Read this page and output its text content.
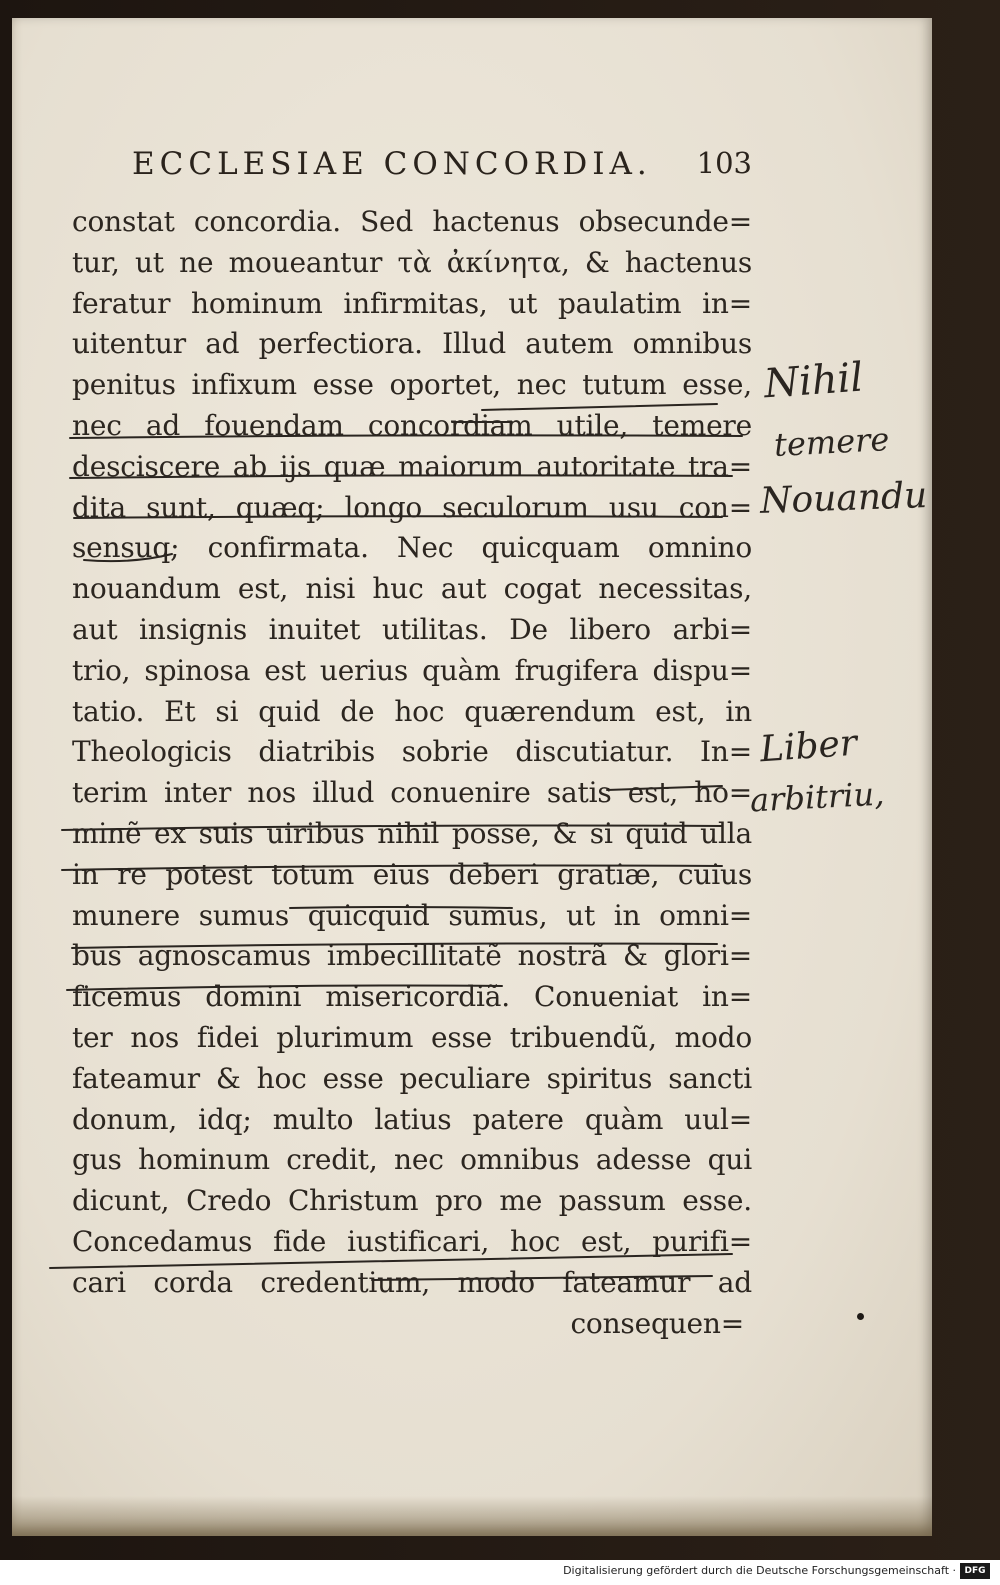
ECCLESIAE CONCORDIA. 103
constat concordia. Sed hactenus obsecunde=
tur, ut ne moueantur τὰ ἀκίνητα, & hactenus
feratur hominum infirmitas, ut paulatim in=
uitentur ad perfectiora. Illud autem omnibus
penitus infixum esse oportet, nec tutum esse,
nec ad fouendam concordiam utile, temere
desciscere ab ijs quæ maiorum autoritate tra=
dita sunt, quæq; longo seculorum usu con=
sensuq; confirmata. Nec quicquam omnino
nouandum est, nisi huc aut cogat necessitas,
aut insignis inuitet utilitas. De libero arbi=
trio, spinosa est uerius quàm frugifera dispu=
tatio. Et si quid de hoc quærendum est, in
Theologicis diatribis sobrie discutiatur. In=
terim inter nos illud conuenire satis est, ho=
minẽ ex suis uiribus nihil posse, & si quid ulla
in re potest totum eius deberi gratiæ, cuius
munere sumus quicquid sumus, ut in omni=
bus agnoscamus imbecillitatẽ nostrã & glori=
ficemus domini misericordiã. Conueniat in=
ter nos fidei plurimum esse tribuendũ, modo
fateamur & hoc esse peculiare spiritus sancti
donum, idq; multo latius patere quàm uul=
gus hominum credit, nec omnibus adesse qui
dicunt, Credo Christum pro me passum esse.
Concedamus fide iustificari, hoc est, purifi=
cari corda credentium, modo fateamur ad
consequen=
Nihil
temere
Nouandu
Liber
arbitriu,
Digitalisierung gefördert durch die Deutsche Forschungsgemeinschaft · DFG
